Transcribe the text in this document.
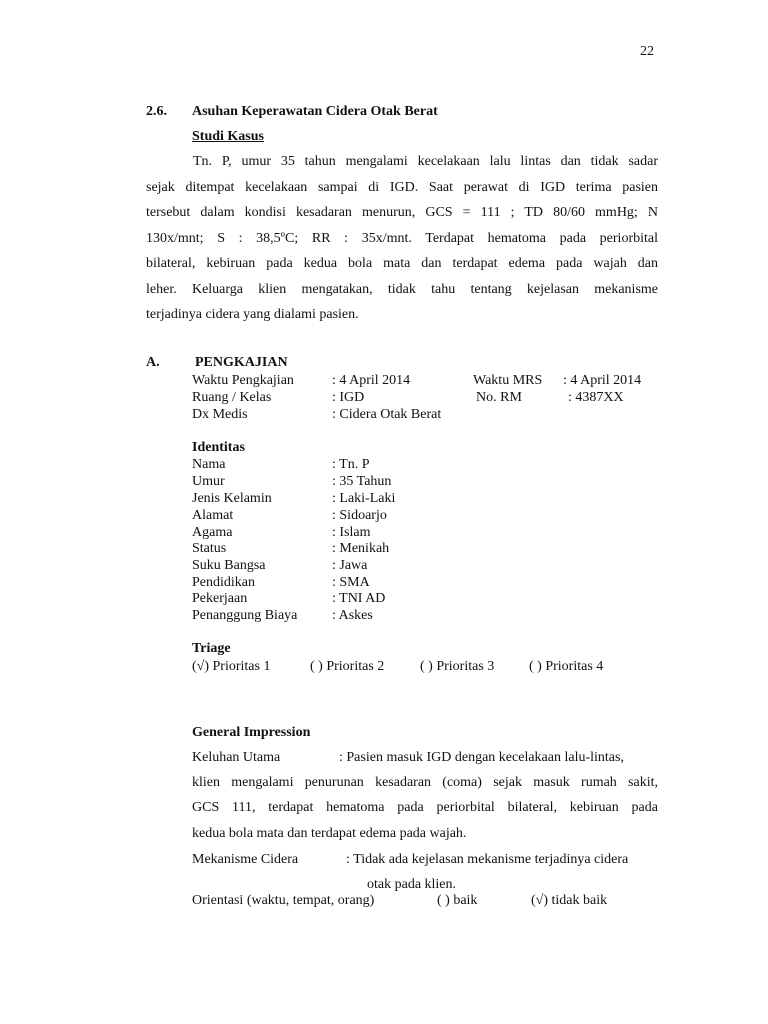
22
2.6. Asuhan Keperawatan Cidera Otak Berat
Studi Kasus
Tn. P, umur 35 tahun mengalami kecelakaan lalu lintas dan tidak sadar
sejak ditempat kecelakaan sampai di IGD. Saat perawat di IGD terima pasien
tersebut dalam kondisi kesadaran menurun, GCS = 111 ; TD 80/60 mmHg; N
130x/mnt; S : 38,5ºC; RR : 35x/mnt. Terdapat hematoma pada periorbital
bilateral, kebiruan pada kedua bola mata dan terdapat edema pada wajah dan
leher. Keluarga klien mengatakan, tidak tahu tentang kejelasan mekanisme
terjadinya cidera yang dialami pasien.
A.	PENGKAJIAN
Waktu Pengkajian	: 4 April 2014	Waktu MRS : 4 April 2014
Ruang / Kelas	: IGD	No. RM	: 4387XX
Dx Medis	: Cidera Otak Berat
Identitas
Nama	: Tn. P
Umur	: 35 Tahun
Jenis Kelamin	: Laki-Laki
Alamat	: Sidoarjo
Agama	: Islam
Status	: Menikah
Suku Bangsa	: Jawa
Pendidikan	: SMA
Pekerjaan	: TNI AD
Penanggung Biaya : Askes
Triage
(√) Prioritas 1	( ) Prioritas 2	( ) Prioritas 3 ( ) Prioritas 4
General Impression
Keluhan Utama	: Pasien masuk IGD dengan kecelakaan lalu-lintas,
klien mengalami penurunan kesadaran (coma) sejak masuk rumah sakit,
GCS 111, terdapat hematoma pada periorbital bilateral, kebiruan pada
kedua bola mata dan terdapat edema pada wajah.
Mekanisme Cidera	: Tidak ada kejelasan mekanisme terjadinya cidera
otak pada klien.
Orientasi (waktu, tempat, orang)	( ) baik	(√) tidak baik
